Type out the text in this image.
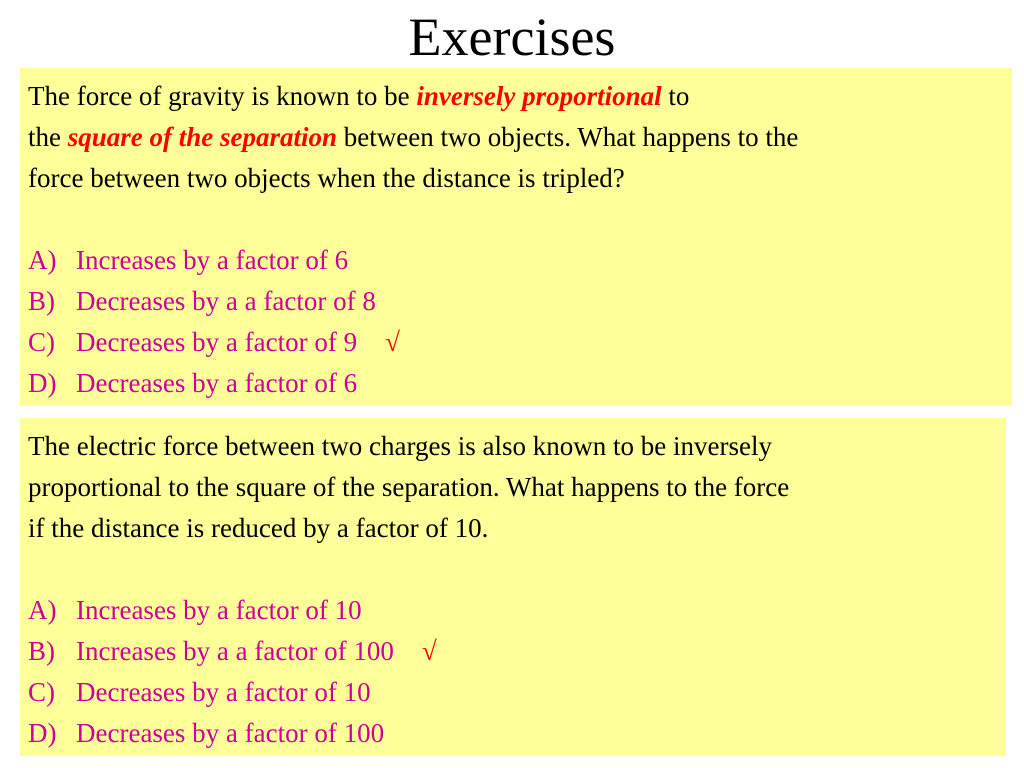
Exercises
The force of gravity is known to be inversely proportional to
the square of the separation between two objects. What happens to the
force between two objects when the distance is tripled?
A) Increases by a factor of 6
B) Decreases by a a factor of 8
C) Decreases by a factor of 9 √
D) Decreases by a factor of 6
The electric force between two charges is also known to be inversely
proportional to the square of the separation. What happens to the force
if the distance is reduced by a factor of 10.
A) Increases by a factor of 10
B) Increases by a a factor of 100 √
C) Decreases by a factor of 10
D) Decreases by a factor of 100
